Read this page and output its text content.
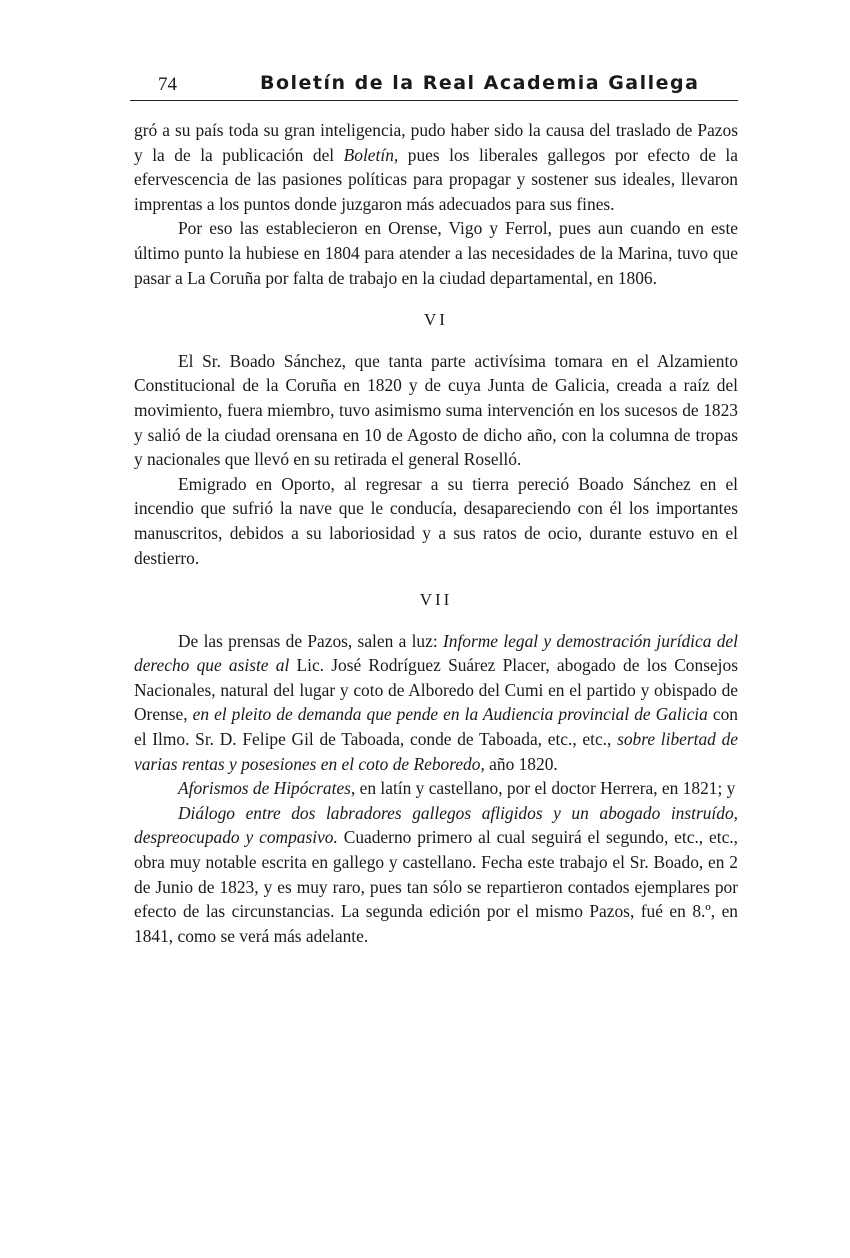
74	Boletín de la Real Academia Gallega

gró a su país toda su gran inteligencia, pudo haber sido la causa del traslado de Pazos y la de la publicación del Boletín, pues los liberales gallegos por efecto de la efervescencia de las pasiones políticas para propagar y sostener sus ideales, llevaron imprentas a los puntos donde juzgaron más adecuados para sus fines.

Por eso las establecieron en Orense, Vigo y Ferrol, pues aun cuando en este último punto la hubiese en 1804 para atender a las necesidades de la Marina, tuvo que pasar a La Coruña por falta de trabajo en la ciudad departamental, en 1806.

VI

El Sr. Boado Sánchez, que tanta parte activísima tomara en el Alzamiento Constitucional de la Coruña en 1820 y de cuya Junta de Galicia, creada a raíz del movimiento, fuera miembro, tuvo asimismo suma intervención en los sucesos de 1823 y salió de la ciudad orensana en 10 de Agosto de dicho año, con la columna de tropas y nacionales que llevó en su retirada el general Roselló.

Emigrado en Oporto, al regresar a su tierra pereció Boado Sánchez en el incendio que sufrió la nave que le conducía, desapareciendo con él los importantes manuscritos, debidos a su laboriosidad y a sus ratos de ocio, durante estuvo en el destierro.

VII

De las prensas de Pazos, salen a luz: Informe legal y demostración jurídica del derecho que asiste al Lic. José Rodríguez Suárez Placer, abogado de los Consejos Nacionales, natural del lugar y coto de Alboredo del Cumi en el partido y obispado de Orense, en el pleito de demanda que pende en la Audiencia provincial de Galicia con el Ilmo. Sr. D. Felipe Gil de Taboada, conde de Taboada, etc., etc., sobre libertad de varias rentas y posesiones en el coto de Reboredo, año 1820.

Aforismos de Hipócrates, en latín y castellano, por el doctor Herrera, en 1821; y

Diálogo entre dos labradores gallegos afligidos y un abogado instruído, despreocupado y compasivo. Cuaderno primero al cual seguirá el segundo, etc., etc., obra muy notable escrita en gallego y castellano. Fecha este trabajo el Sr. Boado, en 2 de Junio de 1823, y es muy raro, pues tan sólo se repartieron contados ejemplares por efecto de las circunstancias. La segunda edición por el mismo Pazos, fué en 8.º, en 1841, como se verá más adelante.
